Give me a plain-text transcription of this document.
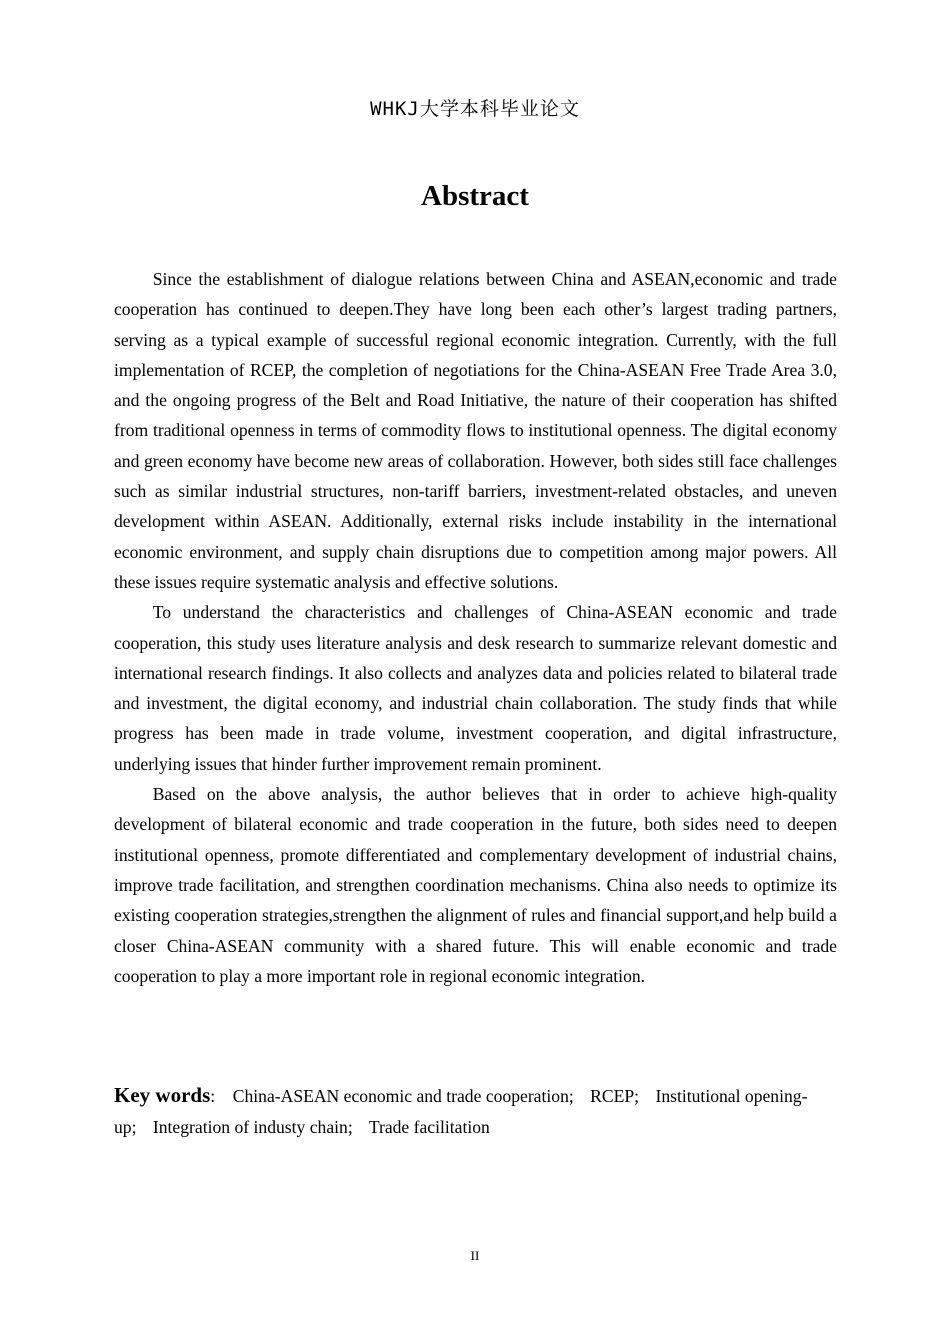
WHKJ大学本科毕业论文
Abstract

Since the establishment of dialogue relations between China and ASEAN,economic and trade cooperation has continued to deepen.They have long been each other’s largest trading partners, serving as a typical example of successful regional economic integration. Currently, with the full implementation of RCEP, the completion of negotiations for the China-ASEAN Free Trade Area 3.0, and the ongoing progress of the Belt and Road Initiative, the nature of their cooperation has shifted from traditional openness in terms of commodity flows to institutional openness. The digital economy and green economy have become new areas of collaboration. However, both sides still face challenges such as similar industrial structures, non-tariff barriers, investment-related obstacles, and uneven development within ASEAN. Additionally, external risks include instability in the international economic environment, and supply chain disruptions due to competition among major powers. All these issues require systematic analysis and effective solutions.

To understand the characteristics and challenges of China-ASEAN economic and trade cooperation, this study uses literature analysis and desk research to summarize relevant domestic and international research findings. It also collects and analyzes data and policies related to bilateral trade and investment, the digital economy, and industrial chain collaboration. The study finds that while progress has been made in trade volume, investment cooperation, and digital infrastructure, underlying issues that hinder further improvement remain prominent.

Based on the above analysis, the author believes that in order to achieve high-quality development of bilateral economic and trade cooperation in the future, both sides need to deepen institutional openness, promote differentiated and complementary development of industrial chains, improve trade facilitation, and strengthen coordination mechanisms. China also needs to optimize its existing cooperation strategies,strengthen the alignment of rules and financial support,and help build a closer China-ASEAN community with a shared future. This will enable economic and trade cooperation to play a more important role in regional economic integration.

Key words: China-ASEAN economic and trade cooperation; RCEP; Institutional opening-up; Integration of industy chain; Trade facilitation
II
